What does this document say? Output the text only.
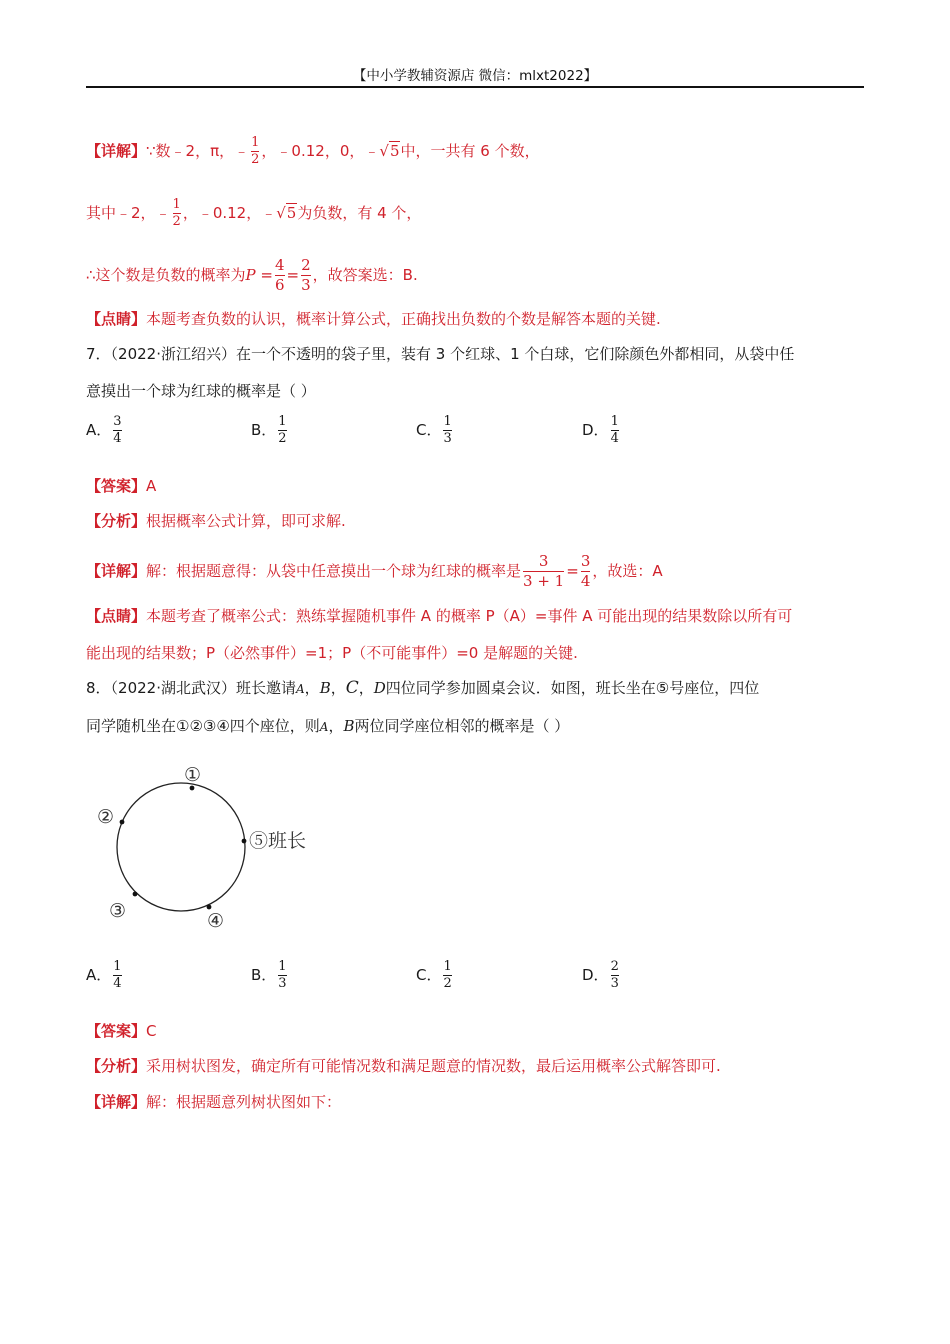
【中小学教辅资源店 微信：mlxt2022】
【详解】∵数﹣2，π，﹣ $\frac{1}{2}$ ，﹣0.12，0，﹣√5中，一共有 6 个数，
其中﹣2，﹣ $\frac{1}{2}$ ，﹣0.12，﹣√5为负数，有 4 个，
∴这个数是负数的概率为$P = \frac{4}{6} = \frac{2}{3}$ ，故答案选：B.
【点睛】本题考查负数的认识，概率计算公式，正确找出负数的个数是解答本题的关键.
7．（2022·浙江绍兴）在一个不透明的袋子里，装有 3 个红球、1 个白球，它们除颜色外都相同，从袋中任
意摸出一个球为红球的概率是（ ）
A． $\frac{3}{4}$	B． $\frac{1}{2}$	C． $\frac{1}{3}$	D． $\frac{1}{4}$
【答案】A
【分析】根据概率公式计算，即可求解.
【详解】解：根据题意得：从袋中任意摸出一个球为红球的概率是 $\frac{3}{3 + 1} = \frac{3}{4}$ ，故选：A
【点睛】本题考查了概率公式：熟练掌握随机事件 A 的概率 P（A）=事件 A 可能出现的结果数除以所有可
能出现的结果数；P（必然事件）=1；P（不可能事件）=0 是解题的关键.
8．（2022·湖北武汉）班长邀请A，B，C，D四位同学参加圆桌会议．如图，班长坐在⑤号座位，四位
同学随机坐在①②③④四个座位，则A，B两位同学座位相邻的概率是（ ）
①
②
③	④
⑤班长
A． $\frac{1}{4}$	B． $\frac{1}{3}$	C． $\frac{1}{2}$	D． $\frac{2}{3}$
【答案】C
【分析】采用树状图发，确定所有可能情况数和满足题意的情况数，最后运用概率公式解答即可.
【详解】解：根据题意列树状图如下：
